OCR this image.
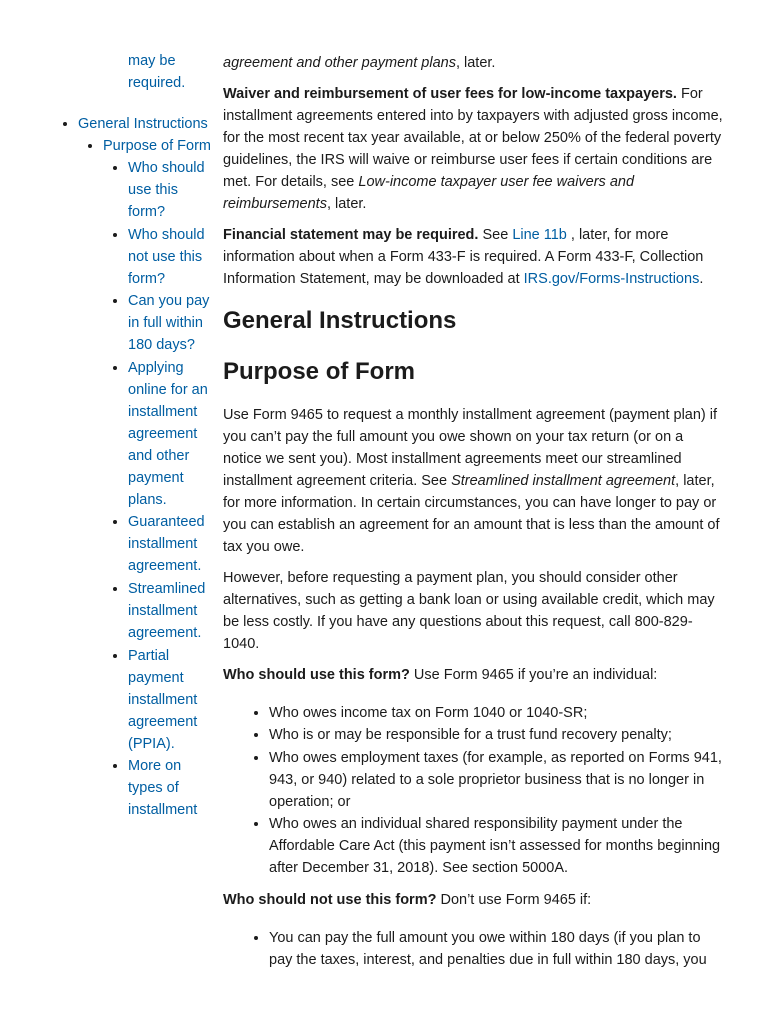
may be required.
• General Instructions
• Purpose of Form
• Who should use this form?
• Who should not use this form?
• Can you pay in full within 180 days?
• Applying online for an installment agreement and other payment plans.
• Guaranteed installment agreement.
• Streamlined installment agreement.
• Partial payment installment agreement (PPIA).
• More on types of installment

agreement and other payment plans, later.

Waiver and reimbursement of user fees for low-income taxpayers. For installment agreements entered into by taxpayers with adjusted gross income, for the most recent tax year available, at or below 250% of the federal poverty guidelines, the IRS will waive or reimburse user fees if certain conditions are met. For details, see Low-income taxpayer user fee waivers and reimbursements, later.

Financial statement may be required. See Line 11b , later, for more information about when a Form 433-F is required. A Form 433-F, Collection Information Statement, may be downloaded at IRS.gov/Forms-Instructions.

General Instructions
Purpose of Form

Use Form 9465 to request a monthly installment agreement (payment plan) if you can’t pay the full amount you owe shown on your tax return (or on a notice we sent you). Most installment agreements meet our streamlined installment agreement criteria. See Streamlined installment agreement, later, for more information. In certain circumstances, you can have longer to pay or you can establish an agreement for an amount that is less than the amount of tax you owe.

However, before requesting a payment plan, you should consider other alternatives, such as getting a bank loan or using available credit, which may be less costly. If you have any questions about this request, call 800-829-1040.

Who should use this form? Use Form 9465 if you’re an individual:

• Who owes income tax on Form 1040 or 1040-SR;
• Who is or may be responsible for a trust fund recovery penalty;
• Who owes employment taxes (for example, as reported on Forms 941, 943, or 940) related to a sole proprietor business that is no longer in operation; or
• Who owes an individual shared responsibility payment under the Affordable Care Act (this payment isn’t assessed for months beginning after December 31, 2018). See section 5000A.

Who should not use this form? Don’t use Form 9465 if:

• You can pay the full amount you owe within 180 days (if you plan to pay the taxes, interest, and penalties due in full within 180 days, you
